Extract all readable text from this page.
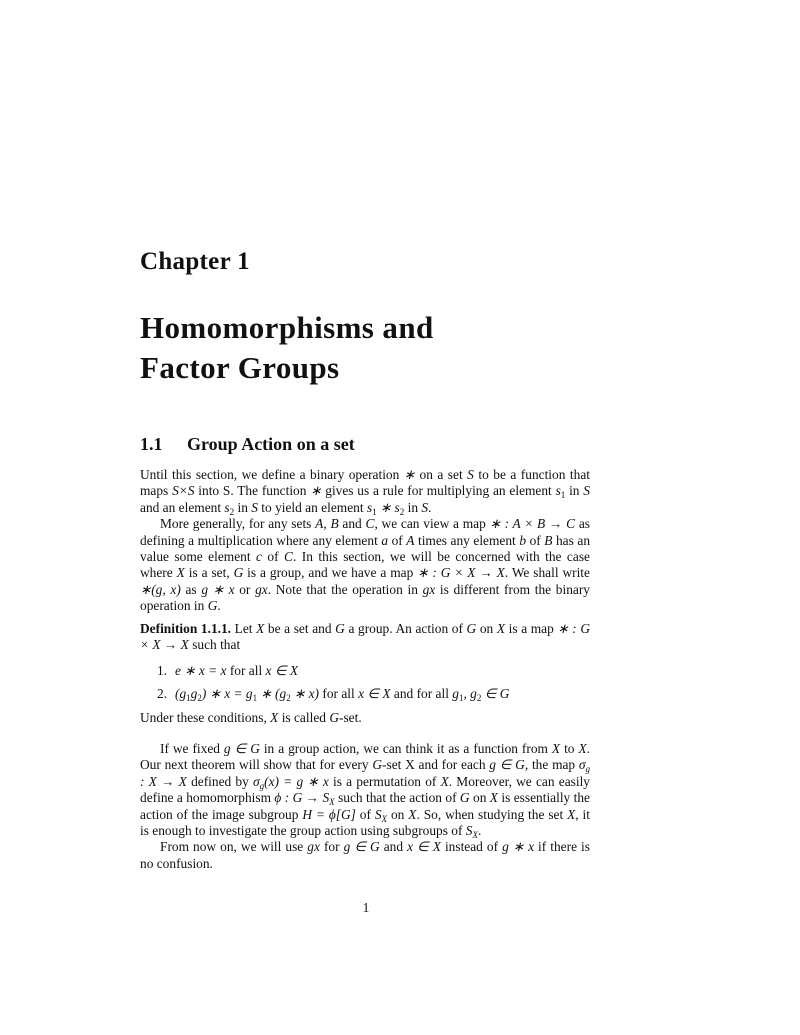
Chapter 1
Homomorphisms and
Factor Groups
1.1 Group Action on a set

Until this section, we define a binary operation ∗ on a set S to be a function that maps S×S into S. The function ∗ gives us a rule for multiplying an element $s_1$ in S and an element $s_2$ in S to yield an element $s_1$ ∗ $s_2$ in S.

More generally, for any sets A, B and C, we can view a map ∗ : A × B → C as defining a multiplication where any element a of A times any element b of B has an value some element c of C. In this section, we will be concerned with the case where X is a set, G is a group, and we have a map ∗ : G × X → X. We shall write ∗(g, x) as g ∗ x or gx. Note that the operation in gx is different from the binary operation in G.

Definition 1.1.1. Let X be a set and G a group. An action of G on X is a map ∗ : G × X → X such that

1. e ∗ x = x for all x ∈ X
2. $(g_1g_2)$ ∗ $x = g_1$ ∗ ($g_2$ ∗ x) for all x ∈ X and for all $g_1$, $g_2$ ∈ G

Under these conditions, X is called G-set.

If we fixed g ∈ G in a group action, we can think it as a function from X to X. Our next theorem will show that for every G-set X and for each g ∈ G, the map $\sigma_g$ : X → X defined by $\sigma_g(x) = g$ ∗ x is a permutation of X. Moreover, we can easily define a homomorphism ϕ : $G \to S_X$ such that the action of G on X is essentially the action of the image subgroup H = ϕ[G] of $S_X$ on X. So, when studying the set X, it is enough to investigate the group action using subgroups of $S_X$.

From now on, we will use gx for g ∈ G and x ∈ X instead of g ∗ x if there is no confusion.

1
